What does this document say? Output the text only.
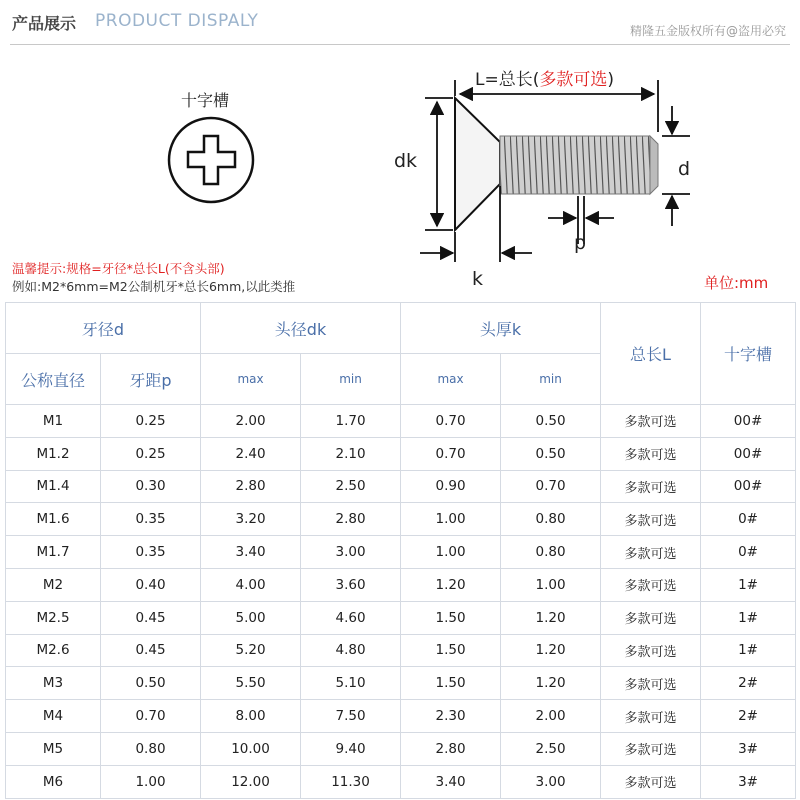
产品展示 PRODUCT DISPALY	精隆五金版权所有@盗用必究
十字槽
L=总长(多款可选)
dk	d
p
k
温馨提示:规格=牙径*总长L(不含头部)
例如:M2*6mm=M2公制机牙*总长6mm,以此类推	单位:mm
牙径d		头径dk		头厚k		总长L	十字槽
公称直径	牙距p	max	min	max	min		
M1	0.25	2.00	1.70	0.70	0.50	多款可选	00#
M1.2	0.25	2.40	2.10	0.70	0.50	多款可选	00#
M1.4	0.30	2.80	2.50	0.90	0.70	多款可选	00#
M1.6	0.35	3.20	2.80	1.00	0.80	多款可选	0#
M1.7	0.35	3.40	3.00	1.00	0.80	多款可选	0#
M2	0.40	4.00	3.60	1.20	1.00	多款可选	1#
M2.5	0.45	5.00	4.60	1.50	1.20	多款可选	1#
M2.6	0.45	5.20	4.80	1.50	1.20	多款可选	1#
M3	0.50	5.50	5.10	1.50	1.20	多款可选	2#
M4	0.70	8.00	7.50	2.30	2.00	多款可选	2#
M5	0.80	10.00	9.40	2.80	2.50	多款可选	3#
M6	1.00	12.00	11.30	3.40	3.00	多款可选	3#
